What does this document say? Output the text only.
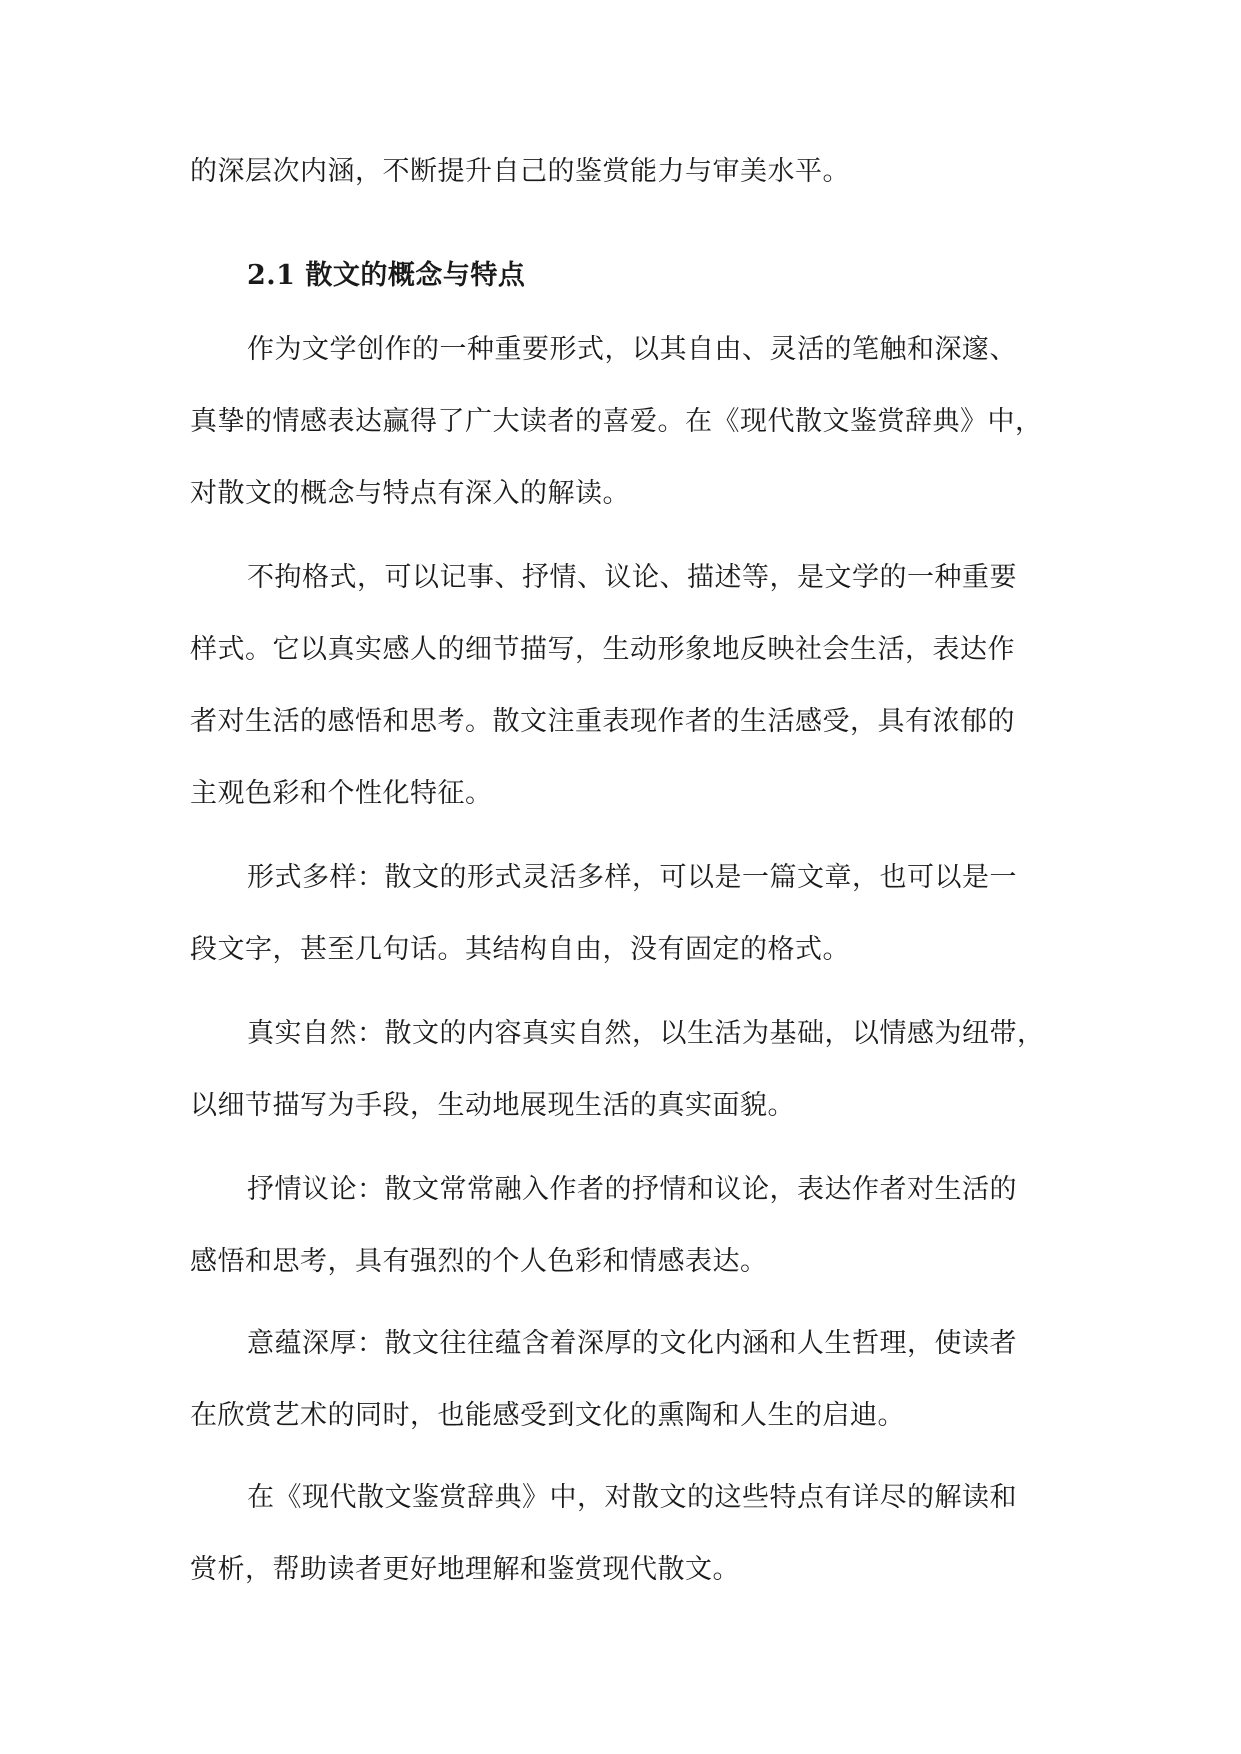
的深层次内涵，不断提升自己的鉴赏能力与审美水平。
2.1 散文的概念与特点
作为文学创作的一种重要形式，以其自由、灵活的笔触和深邃、
真挚的情感表达赢得了广大读者的喜爱。在《现代散文鉴赏辞典》中，
对散文的概念与特点有深入的解读。
不拘格式，可以记事、抒情、议论、描述等，是文学的一种重要
样式。它以真实感人的细节描写，生动形象地反映社会生活，表达作
者对生活的感悟和思考。散文注重表现作者的生活感受，具有浓郁的
主观色彩和个性化特征。
形式多样：散文的形式灵活多样，可以是一篇文章，也可以是一
段文字，甚至几句话。其结构自由，没有固定的格式。
真实自然：散文的内容真实自然，以生活为基础，以情感为纽带，
以细节描写为手段，生动地展现生活的真实面貌。
抒情议论：散文常常融入作者的抒情和议论，表达作者对生活的
感悟和思考，具有强烈的个人色彩和情感表达。
意蕴深厚：散文往往蕴含着深厚的文化内涵和人生哲理，使读者
在欣赏艺术的同时，也能感受到文化的熏陶和人生的启迪。
在《现代散文鉴赏辞典》中，对散文的这些特点有详尽的解读和
赏析，帮助读者更好地理解和鉴赏现代散文。
